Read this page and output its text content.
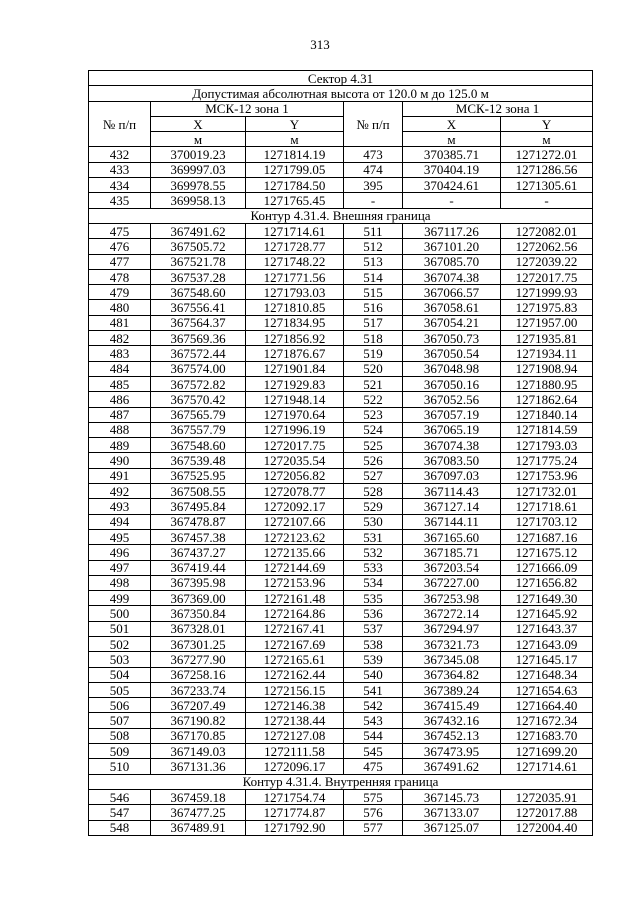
313
Сектор 4.31					
Допустимая абсолютная высота от 120.0 м до 125.0 м					
№ п/п	МСК-12 зона 1		№ п/п	МСК-12 зона 1	
	X	Y		X	Y
	м	м		м	м
432	370019.23	1271814.19	473	370385.71	1271272.01
433	369997.03	1271799.05	474	370404.19	1271286.56
434	369978.55	1271784.50	395	370424.61	1271305.61
435	369958.13	1271765.45	-	-	-
Контур 4.31.4. Внешняя граница					
475	367491.62	1271714.61	511	367117.26	1272082.01
476	367505.72	1271728.77	512	367101.20	1272062.56
477	367521.78	1271748.22	513	367085.70	1272039.22
478	367537.28	1271771.56	514	367074.38	1272017.75
479	367548.60	1271793.03	515	367066.57	1271999.93
480	367556.41	1271810.85	516	367058.61	1271975.83
481	367564.37	1271834.95	517	367054.21	1271957.00
482	367569.36	1271856.92	518	367050.73	1271935.81
483	367572.44	1271876.67	519	367050.54	1271934.11
484	367574.00	1271901.84	520	367048.98	1271908.94
485	367572.82	1271929.83	521	367050.16	1271880.95
486	367570.42	1271948.14	522	367052.56	1271862.64
487	367565.79	1271970.64	523	367057.19	1271840.14
488	367557.79	1271996.19	524	367065.19	1271814.59
489	367548.60	1272017.75	525	367074.38	1271793.03
490	367539.48	1272035.54	526	367083.50	1271775.24
491	367525.95	1272056.82	527	367097.03	1271753.96
492	367508.55	1272078.77	528	367114.43	1271732.01
493	367495.84	1272092.17	529	367127.14	1271718.61
494	367478.87	1272107.66	530	367144.11	1271703.12
495	367457.38	1272123.62	531	367165.60	1271687.16
496	367437.27	1272135.66	532	367185.71	1271675.12
497	367419.44	1272144.69	533	367203.54	1271666.09
498	367395.98	1272153.96	534	367227.00	1271656.82
499	367369.00	1272161.48	535	367253.98	1271649.30
500	367350.84	1272164.86	536	367272.14	1271645.92
501	367328.01	1272167.41	537	367294.97	1271643.37
502	367301.25	1272167.69	538	367321.73	1271643.09
503	367277.90	1272165.61	539	367345.08	1271645.17
504	367258.16	1272162.44	540	367364.82	1271648.34
505	367233.74	1272156.15	541	367389.24	1271654.63
506	367207.49	1272146.38	542	367415.49	1271664.40
507	367190.82	1272138.44	543	367432.16	1271672.34
508	367170.85	1272127.08	544	367452.13	1271683.70
509	367149.03	1272111.58	545	367473.95	1271699.20
510	367131.36	1272096.17	475	367491.62	1271714.61
Контур 4.31.4. Внутренняя граница					
546	367459.18	1271754.74	575	367145.73	1272035.91
547	367477.25	1271774.87	576	367133.07	1272017.88
548	367489.91	1271792.90	577	367125.07	1272004.40
